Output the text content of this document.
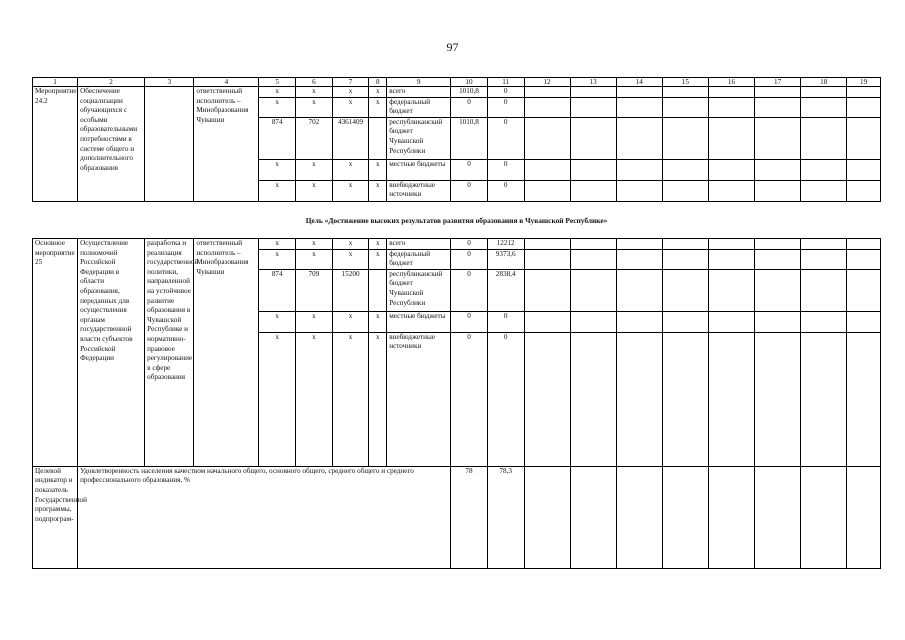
97
1	2	3	4	5	6	7	8	9	10	11	12	13	14	15	16	17	18	19
Мероприятие 24.2	Обеспечение социализации обучающихся с особыми образовательными потребностями в системе общего и дополнительного образования		ответственный исполнитель – Минобразования Чувашии	x	x	x	x	всего	1010,8	0								
				x	x	x	x	федеральный бюджет	0	0								
				874	702	4361409		республиканский бюджет Чувашской Республики	1010,8	0								
				x	x	x	x	местные бюджеты	0	0								
				x	x	x	x	внебюджетные источники	0	0								
Цель «Достижение высоких результатов развития образования в Чувашской Республике»
Основное мероприятие 25	Осуществление полномочий Российской Федерации в области образования, переданных для осуществления органам государственной власти субъектов Российской Федерации	разработка и реализация государственной политики, направленной на устойчивое развитие образования в Чувашской Республике и нормативно-правовое регулирование в сфере образования	ответственный исполнитель – Минобразования Чувашии	x	x	x	x	всего	0	12212								
				x	x	x	x	федеральный бюджет	0	9373,6								
				874	709	15200		республиканский бюджет Чувашской Республики	0	2838,4								
				x	x	x	x	местные бюджеты	0	0								
				x	x	x	x	внебюджетные источники	0	0								
Целевой индикатор и показатель Государственной программы, подпрограм-	Удовлетворенность населения качеством начального общего, основного общего, среднего общего и среднего профессионального образования, %								78	78,3								
